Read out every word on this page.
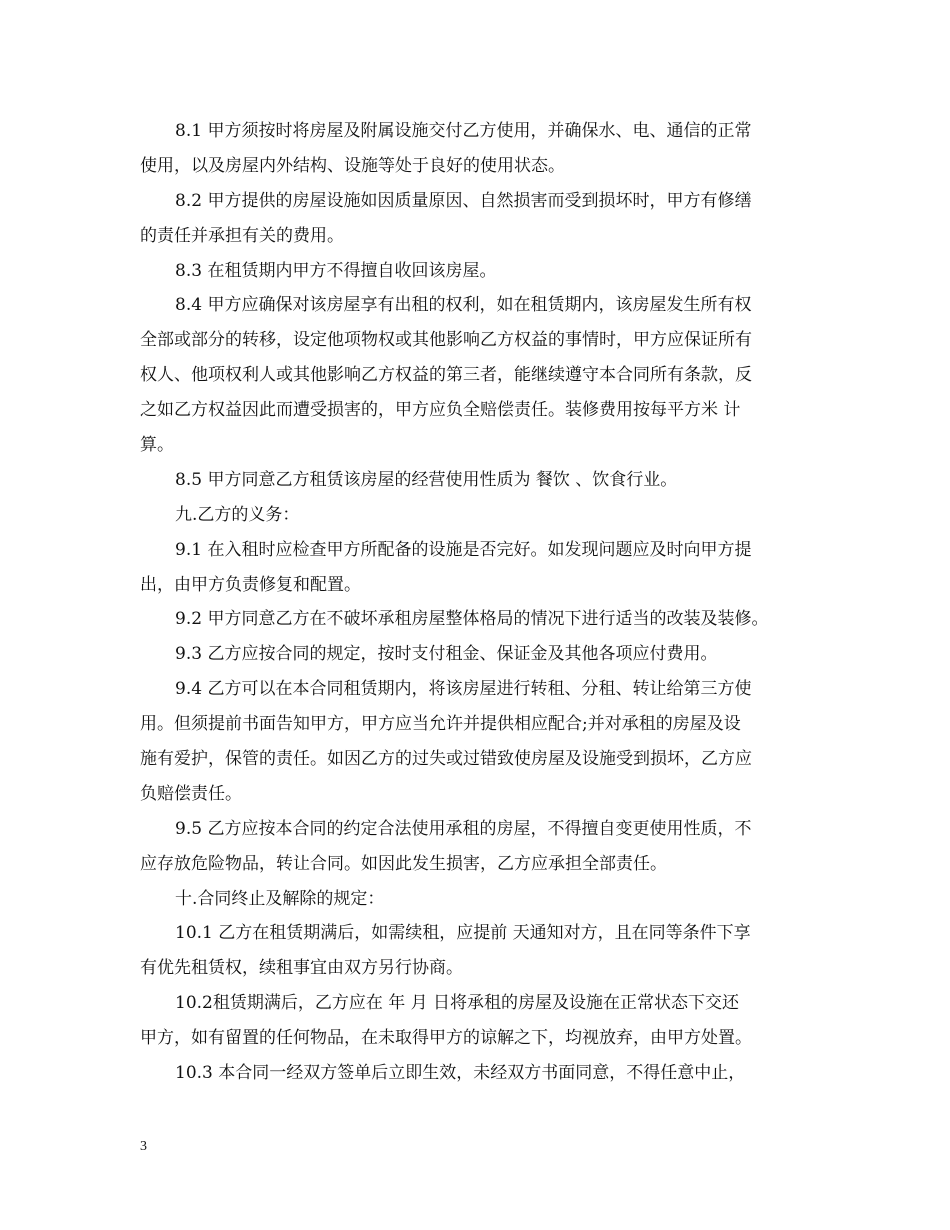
8.1 甲方须按时将房屋及附属设施交付乙方使用，并确保水、电、通信的正常
使用，以及房屋内外结构、设施等处于良好的使用状态。
8.2 甲方提供的房屋设施如因质量原因、自然损害而受到损坏时，甲方有修缮
的责任并承担有关的费用。
8.3 在租赁期内甲方不得擅自收回该房屋。
8.4 甲方应确保对该房屋享有出租的权利，如在租赁期内，该房屋发生所有权
全部或部分的转移，设定他项物权或其他影响乙方权益的事情时，甲方应保证所有
权人、他项权利人或其他影响乙方权益的第三者，能继续遵守本合同所有条款，反
之如乙方权益因此而遭受损害的，甲方应负全赔偿责任。装修费用按每平方米 计
算。
8.5 甲方同意乙方租赁该房屋的经营使用性质为 餐饮 、饮食行业。
九.乙方的义务：
9.1 在入租时应检查甲方所配备的设施是否完好。如发现问题应及时向甲方提
出，由甲方负责修复和配置。
9.2 甲方同意乙方在不破坏承租房屋整体格局的情况下进行适当的改装及装修。
9.3 乙方应按合同的规定，按时支付租金、保证金及其他各项应付费用。
9.4 乙方可以在本合同租赁期内，将该房屋进行转租、分租、转让给第三方使
用。但须提前书面告知甲方，甲方应当允许并提供相应配合;并对承租的房屋及设
施有爱护，保管的责任。如因乙方的过失或过错致使房屋及设施受到损坏，乙方应
负赔偿责任。
9.5 乙方应按本合同的约定合法使用承租的房屋，不得擅自变更使用性质，不
应存放危险物品，转让合同。如因此发生损害，乙方应承担全部责任。
十.合同终止及解除的规定：
10.1 乙方在租赁期满后，如需续租，应提前 天通知对方，且在同等条件下享
有优先租赁权，续租事宜由双方另行协商。
10.2租赁期满后，乙方应在 年 月 日将承租的房屋及设施在正常状态下交还
甲方，如有留置的任何物品，在未取得甲方的谅解之下，均视放弃，由甲方处置。
10.3 本合同一经双方签单后立即生效，未经双方书面同意，不得任意中止，
3
